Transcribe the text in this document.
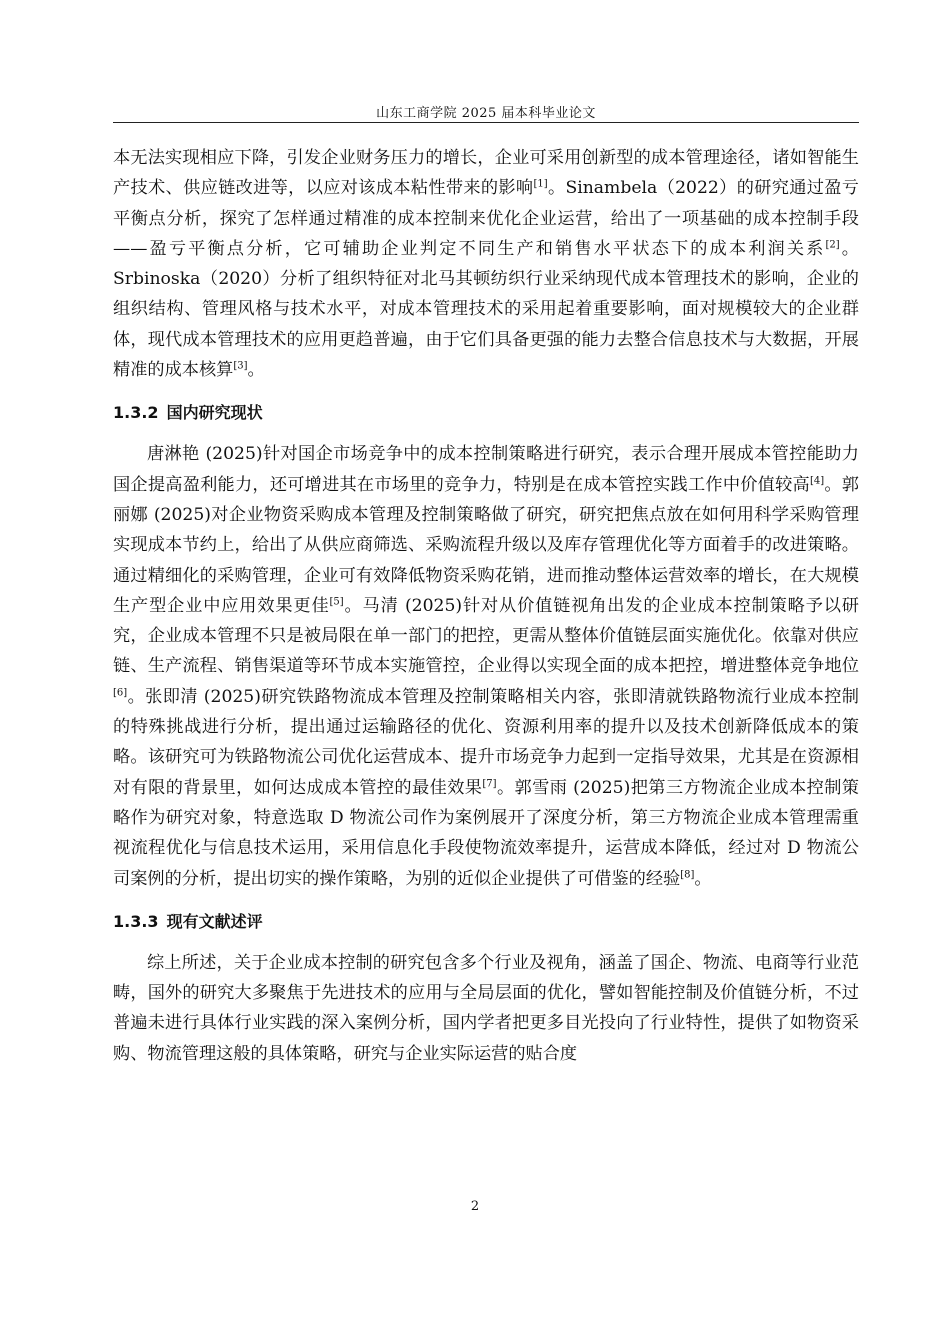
山东工商学院 2025 届本科毕业论文

本无法实现相应下降，引发企业财务压力的增长，企业可采用创新型的成本管理途径，诸如智能生产技术、供应链改进等，以应对该成本粘性带来的影响[1]。Sinambela（2022）的研究通过盈亏平衡点分析，探究了怎样通过精准的成本控制来优化企业运营，给出了一项基础的成本控制手段——盈亏平衡点分析，它可辅助企业判定不同生产和销售水平状态下的成本利润关系[2]。Srbinoska（2020）分析了组织特征对北马其顿纺织行业采纳现代成本管理技术的影响，企业的组织结构、管理风格与技术水平，对成本管理技术的采用起着重要影响，面对规模较大的企业群体，现代成本管理技术的应用更趋普遍，由于它们具备更强的能力去整合信息技术与大数据，开展精准的成本核算[3]。

1.3.2 国内研究现状

唐淋艳 (2025)针对国企市场竞争中的成本控制策略进行研究，表示合理开展成本管控能助力国企提高盈利能力，还可增进其在市场里的竞争力，特别是在成本管控实践工作中价值较高[4]。郭丽娜 (2025)对企业物资采购成本管理及控制策略做了研究，研究把焦点放在如何用科学采购管理实现成本节约上，给出了从供应商筛选、采购流程升级以及库存管理优化等方面着手的改进策略。通过精细化的采购管理，企业可有效降低物资采购花销，进而推动整体运营效率的增长，在大规模生产型企业中应用效果更佳[5]。马清 (2025)针对从价值链视角出发的企业成本控制策略予以研究，企业成本管理不只是被局限在单一部门的把控，更需从整体价值链层面实施优化。依靠对供应链、生产流程、销售渠道等环节成本实施管控，企业得以实现全面的成本把控，增进整体竞争地位[6]。张即清 (2025)研究铁路物流成本管理及控制策略相关内容，张即清就铁路物流行业成本控制的特殊挑战进行分析，提出通过运输路径的优化、资源利用率的提升以及技术创新降低成本的策略。该研究可为铁路物流公司优化运营成本、提升市场竞争力起到一定指导效果，尤其是在资源相对有限的背景里，如何达成成本管控的最佳效果[7]。郭雪雨 (2025)把第三方物流企业成本控制策略作为研究对象，特意选取 D 物流公司作为案例展开了深度分析，第三方物流企业成本管理需重视流程优化与信息技术运用，采用信息化手段使物流效率提升，运营成本降低，经过对 D 物流公司案例的分析，提出切实的操作策略，为别的近似企业提供了可借鉴的经验[8]。

1.3.3 现有文献述评

综上所述，关于企业成本控制的研究包含多个行业及视角，涵盖了国企、物流、电商等行业范畴，国外的研究大多聚焦于先进技术的应用与全局层面的优化，譬如智能控制及价值链分析，不过普遍未进行具体行业实践的深入案例分析，国内学者把更多目光投向了行业特性，提供了如物资采购、物流管理这般的具体策略，研究与企业实际运营的贴合度

2
